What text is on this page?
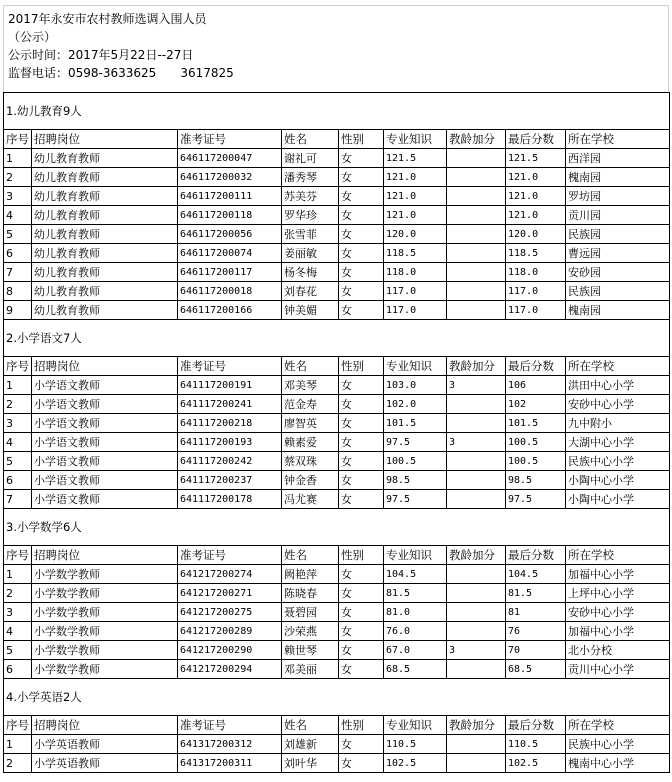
2017年永安市农村教师选调入围人员
（公示）
公示时间：2017年5月22日--27日
监督电话：0598-3633625　　3617825
1.幼儿教育9人								
序号	招聘岗位	准考证号	姓名	性别	专业知识	教龄加分	最后分数	所在学校
1	幼儿教育教师	646117200047	谢礼可	女	121.5		121.5	西洋园
2	幼儿教育教师	646117200032	潘秀琴	女	121.0		121.0	槐南园
3	幼儿教育教师	646117200111	苏美芬	女	121.0		121.0	罗坊园
4	幼儿教育教师	646117200118	罗华珍	女	121.0		121.0	贡川园
5	幼儿教育教师	646117200056	张雪菲	女	120.0		120.0	民族园
6	幼儿教育教师	646117200074	姜丽敏	女	118.5		118.5	曹远园
7	幼儿教育教师	646117200117	杨冬梅	女	118.0		118.0	安砂园
8	幼儿教育教师	646117200018	刘春花	女	117.0		117.0	民族园
9	幼儿教育教师	646117200166	钟美媚	女	117.0		117.0	槐南园
2.小学语文7人								
序号	招聘岗位	准考证号	姓名	性别	专业知识	教龄加分	最后分数	所在学校
1	小学语文教师	641117200191	邓美琴	女	103.0	3	106	洪田中心小学
2	小学语文教师	641117200241	范金寿	女	102.0		102	安砂中心小学
3	小学语文教师	641117200218	廖智英	女	101.5		101.5	九中附小
4	小学语文教师	641117200193	赖素爱	女	97.5	3	100.5	大湖中心小学
5	小学语文教师	641117200242	蔡双珠	女	100.5		100.5	民族中心小学
6	小学语文教师	641117200237	钟金香	女	98.5		98.5	小陶中心小学
7	小学语文教师	641117200178	冯尤赛	女	97.5		97.5	小陶中心小学
3.小学数学6人								
序号	招聘岗位	准考证号	姓名	性别	专业知识	教龄加分	最后分数	所在学校
1	小学数学教师	641217200274	阙艳萍	女	104.5		104.5	加福中心小学
2	小学数学教师	641217200271	陈晓春	女	81.5		81.5	上坪中心小学
3	小学数学教师	641217200275	聂碧园	女	81.0		81	安砂中心小学
4	小学数学教师	641217200289	沙荣燕	女	76.0		76	加福中心小学
5	小学数学教师	641217200290	赖世琴	女	67.0	3	70	北小分校
6	小学数学教师	641217200294	邓美丽	女	68.5		68.5	贡川中心小学
4.小学英语2人								
序号	招聘岗位	准考证号	姓名	性别	专业知识	教龄加分	最后分数	所在学校
1	小学英语教师	641317200312	刘雄新	女	110.5		110.5	民族中心小学
2	小学英语教师	641317200311	刘叶华	女	102.5		102.5	槐南中心小学
